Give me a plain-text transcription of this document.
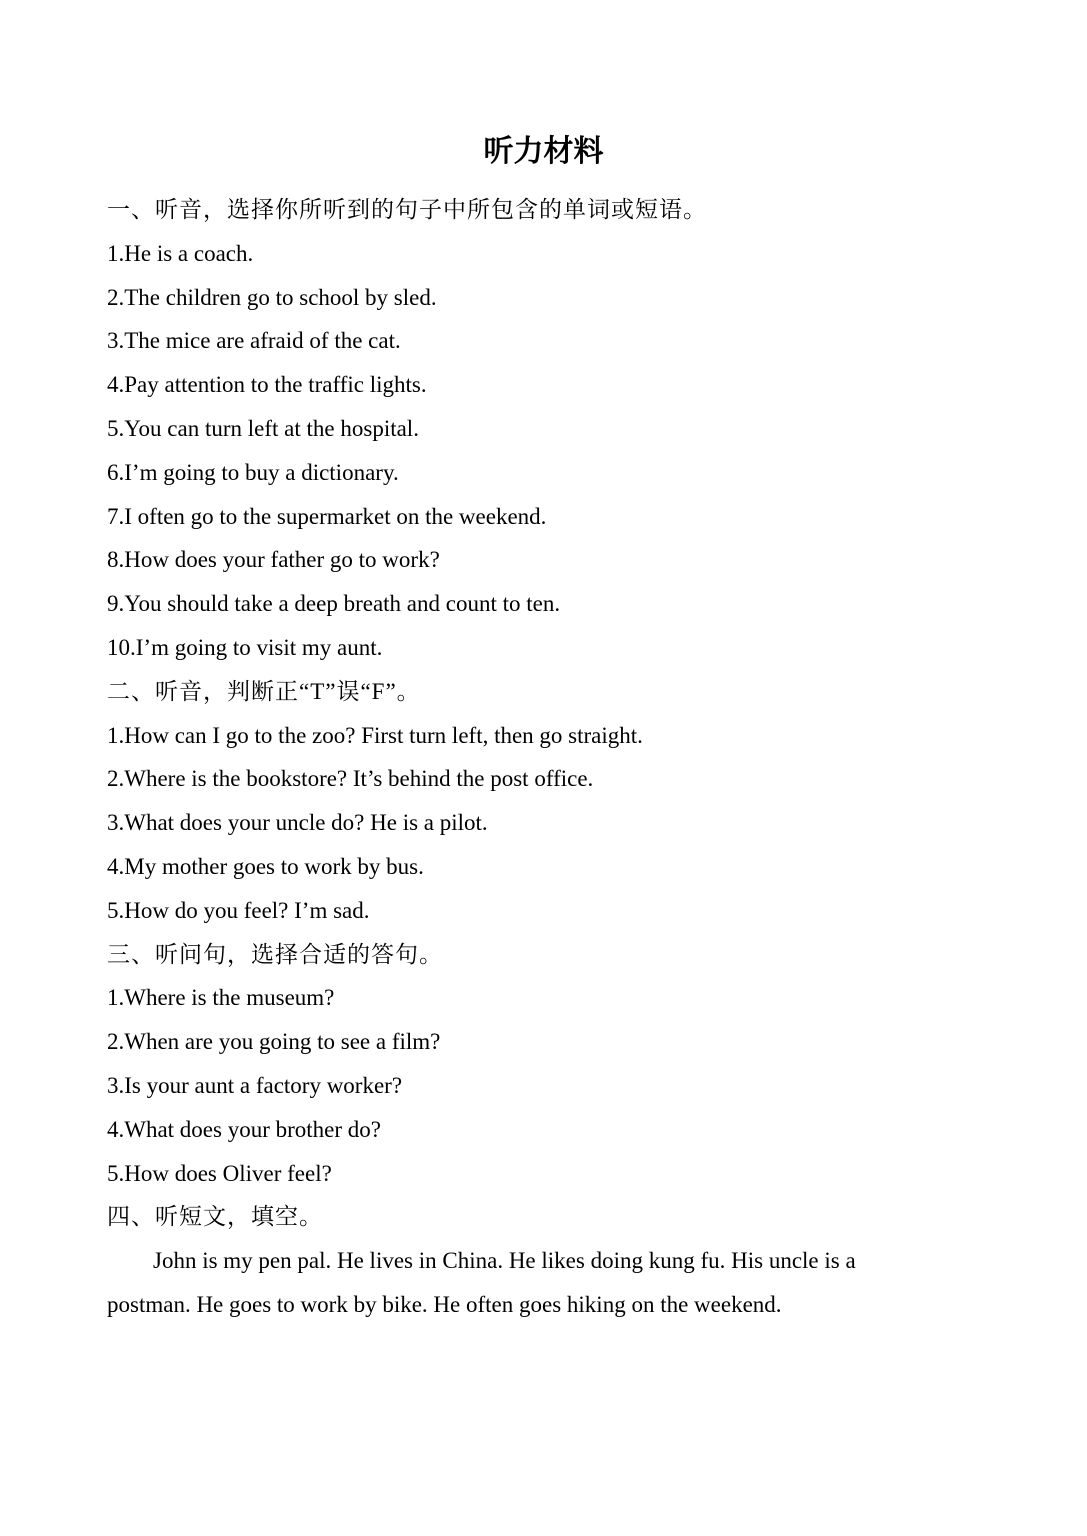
听力材料
一、听音，选择你所听到的句子中所包含的单词或短语。
1.He is a coach.
2.The children go to school by sled.
3.The mice are afraid of the cat.
4.Pay attention to the traffic lights.
5.You can turn left at the hospital.
6.I’m going to buy a dictionary.
7.I often go to the supermarket on the weekend.
8.How does your father go to work?
9.You should take a deep breath and count to ten.
10.I’m going to visit my aunt.
二、听音，判断正“T”误“F”。
1.How can I go to the zoo? First turn left, then go straight.
2.Where is the bookstore? It’s behind the post office.
3.What does your uncle do? He is a pilot.
4.My mother goes to work by bus.
5.How do you feel? I’m sad.
三、听问句，选择合适的答句。
1.Where is the museum?
2.When are you going to see a film?
3.Is your aunt a factory worker?
4.What does your brother do?
5.How does Oliver feel?
四、听短文，填空。
John is my pen pal. He lives in China. He likes doing kung fu. His uncle is a postman. He goes to work by bike. He often goes hiking on the weekend.
